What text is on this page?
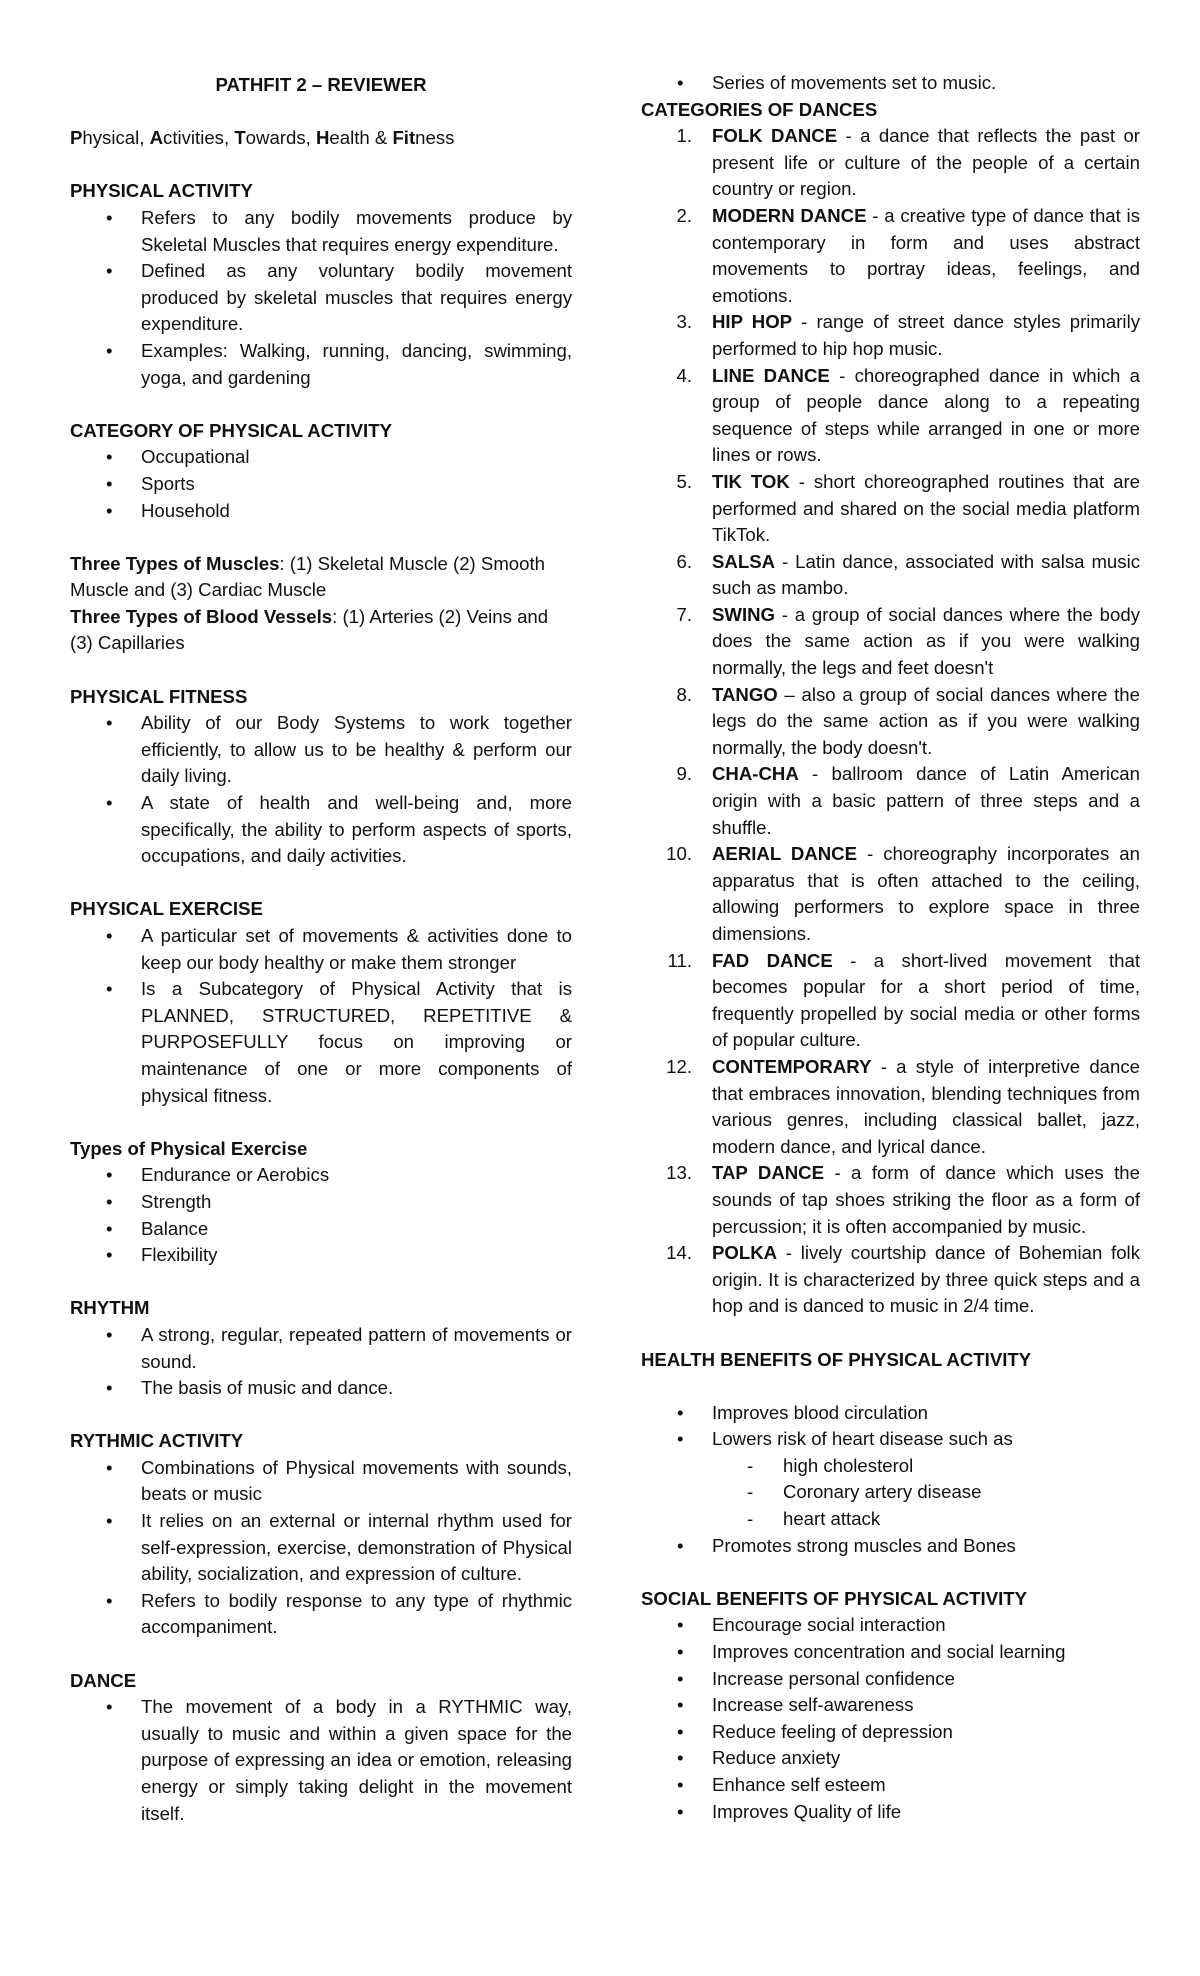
PATHFIT 2 – REVIEWER

Physical, Activities, Towards, Health & Fitness

PHYSICAL ACTIVITY

• Refers to any bodily movements produce by Skeletal Muscles that requires energy expenditure.
• Defined as any voluntary bodily movement produced by skeletal muscles that requires energy expenditure.
• Examples: Walking, running, dancing, swimming, yoga, and gardening

CATEGORY OF PHYSICAL ACTIVITY

• Occupational
• Sports
• Household

Three Types of Muscles: (1) Skeletal Muscle (2) Smooth Muscle and (3) Cardiac Muscle

Three Types of Blood Vessels: (1) Arteries (2) Veins and (3) Capillaries

PHYSICAL FITNESS

• Ability of our Body Systems to work together efficiently, to allow us to be healthy & perform our daily living.
• A state of health and well-being and, more specifically, the ability to perform aspects of sports, occupations, and daily activities.

PHYSICAL EXERCISE

• A particular set of movements & activities done to keep our body healthy or make them stronger
• Is a Subcategory of Physical Activity that is PLANNED, STRUCTURED, REPETITIVE & PURPOSEFULLY focus on improving or maintenance of one or more components of physical fitness.

Types of Physical Exercise

• Endurance or Aerobics
• Strength
• Balance
• Flexibility

RHYTHM

• A strong, regular, repeated pattern of movements or sound.
• The basis of music and dance.

RYTHMIC ACTIVITY

• Combinations of Physical movements with sounds, beats or music
• It relies on an external or internal rhythm used for self-expression, exercise, demonstration of Physical ability, socialization, and expression of culture.
• Refers to bodily response to any type of rhythmic accompaniment.

DANCE

• The movement of a body in a RYTHMIC way, usually to music and within a given space for the purpose of expressing an idea or emotion, releasing energy or simply taking delight in the movement itself.
• Series of movements set to music.

CATEGORIES OF DANCES

1. FOLK DANCE - a dance that reflects the past or present life or culture of the people of a certain country or region.
2. MODERN DANCE - a creative type of dance that is contemporary in form and uses abstract movements to portray ideas, feelings, and emotions.
3. HIP HOP - range of street dance styles primarily performed to hip hop music.
4. LINE DANCE - choreographed dance in which a group of people dance along to a repeating sequence of steps while arranged in one or more lines or rows.
5. TIK TOK - short choreographed routines that are performed and shared on the social media platform TikTok.
6. SALSA - Latin dance, associated with salsa music such as mambo.
7. SWING - a group of social dances where the body does the same action as if you were walking normally, the legs and feet doesn't
8. TANGO – also a group of social dances where the legs do the same action as if you were walking normally, the body doesn't.
9. CHA-CHA - ballroom dance of Latin American origin with a basic pattern of three steps and a shuffle.
10. AERIAL DANCE - choreography incorporates an apparatus that is often attached to the ceiling, allowing performers to explore space in three dimensions.
11. FAD DANCE - a short-lived movement that becomes popular for a short period of time, frequently propelled by social media or other forms of popular culture.
12. CONTEMPORARY - a style of interpretive dance that embraces innovation, blending techniques from various genres, including classical ballet, jazz, modern dance, and lyrical dance.
13. TAP DANCE - a form of dance which uses the sounds of tap shoes striking the floor as a form of percussion; it is often accompanied by music.
14. POLKA - lively courtship dance of Bohemian folk origin. It is characterized by three quick steps and a hop and is danced to music in 2/4 time.

HEALTH BENEFITS OF PHYSICAL ACTIVITY

• Improves blood circulation
• Lowers risk of heart disease such as
- high cholesterol
- Coronary artery disease
- heart attack
• Promotes strong muscles and Bones

SOCIAL BENEFITS OF PHYSICAL ACTIVITY

• Encourage social interaction
• Improves concentration and social learning
• Increase personal confidence
• Increase self-awareness
• Reduce feeling of depression
• Reduce anxiety
• Enhance self esteem
• Improves Quality of life
